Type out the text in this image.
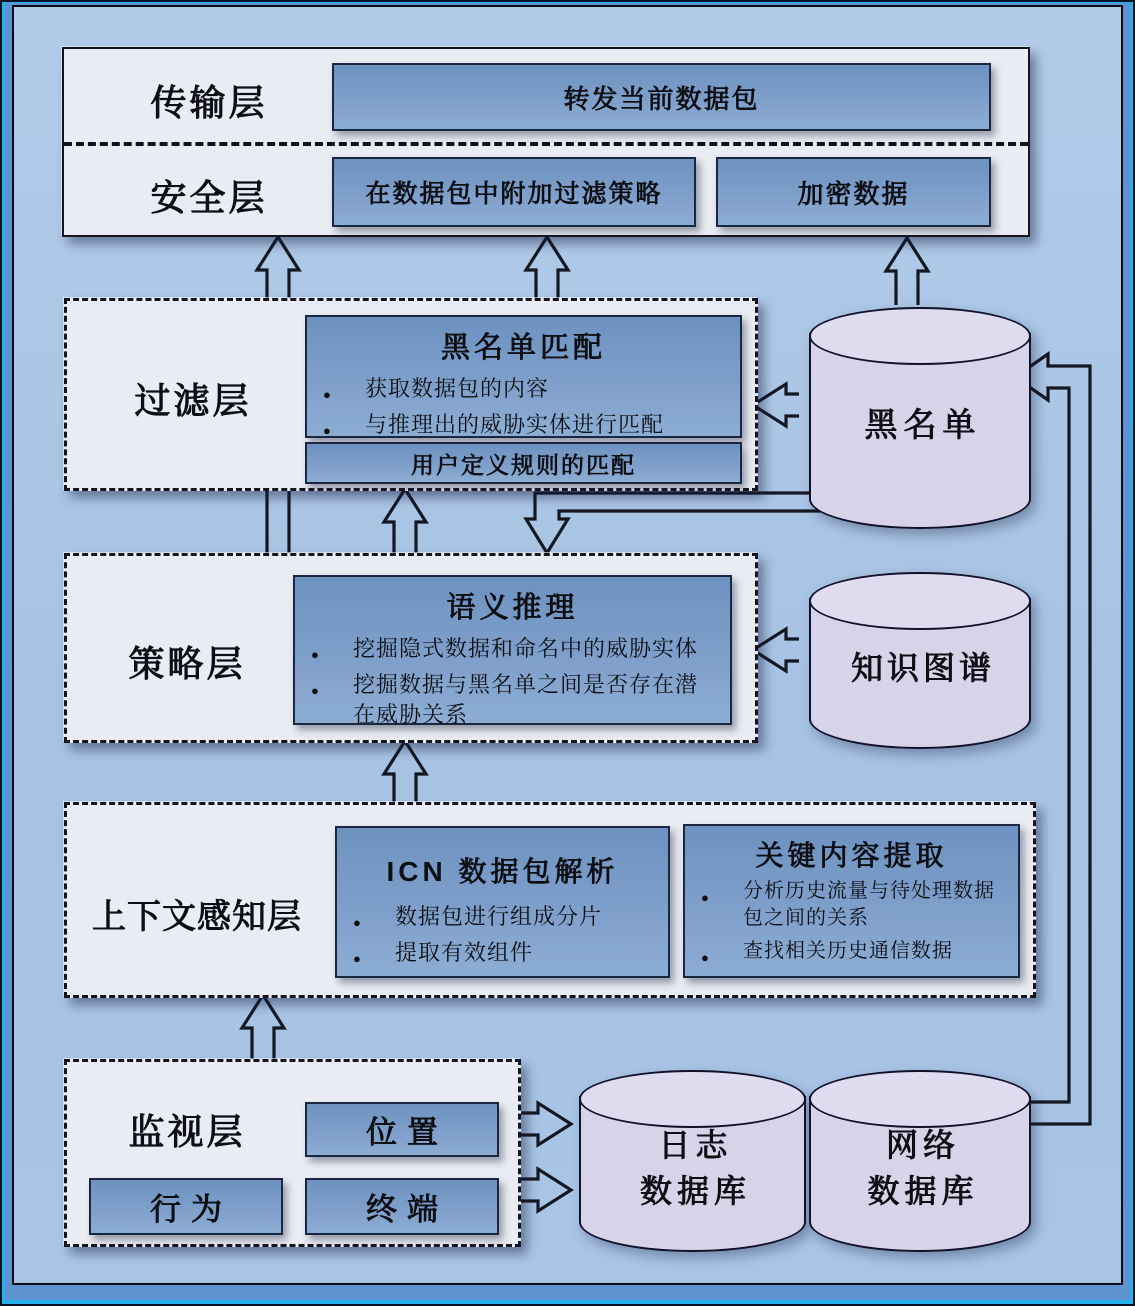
传输层	转发当前数据包
安全层	在数据包中附加过滤策略	加密数据
过滤层
黑名单匹配
● 获取数据包的内容
● 与推理出的威胁实体进行匹配
用户定义规则的匹配
黑名单
策略层
语义推理
● 挖掘隐式数据和命名中的威胁实体
● 挖掘数据与黑名单之间是否存在潜在威胁关系
知识图谱
上下文感知层
ICN 数据包解析
● 数据包进行组成分片
● 提取有效组件
关键内容提取
● 分析历史流量与待处理数据包之间的关系
● 查找相关历史通信数据
监视层	位置
行为	终端
日志
数据库
网络
数据库
